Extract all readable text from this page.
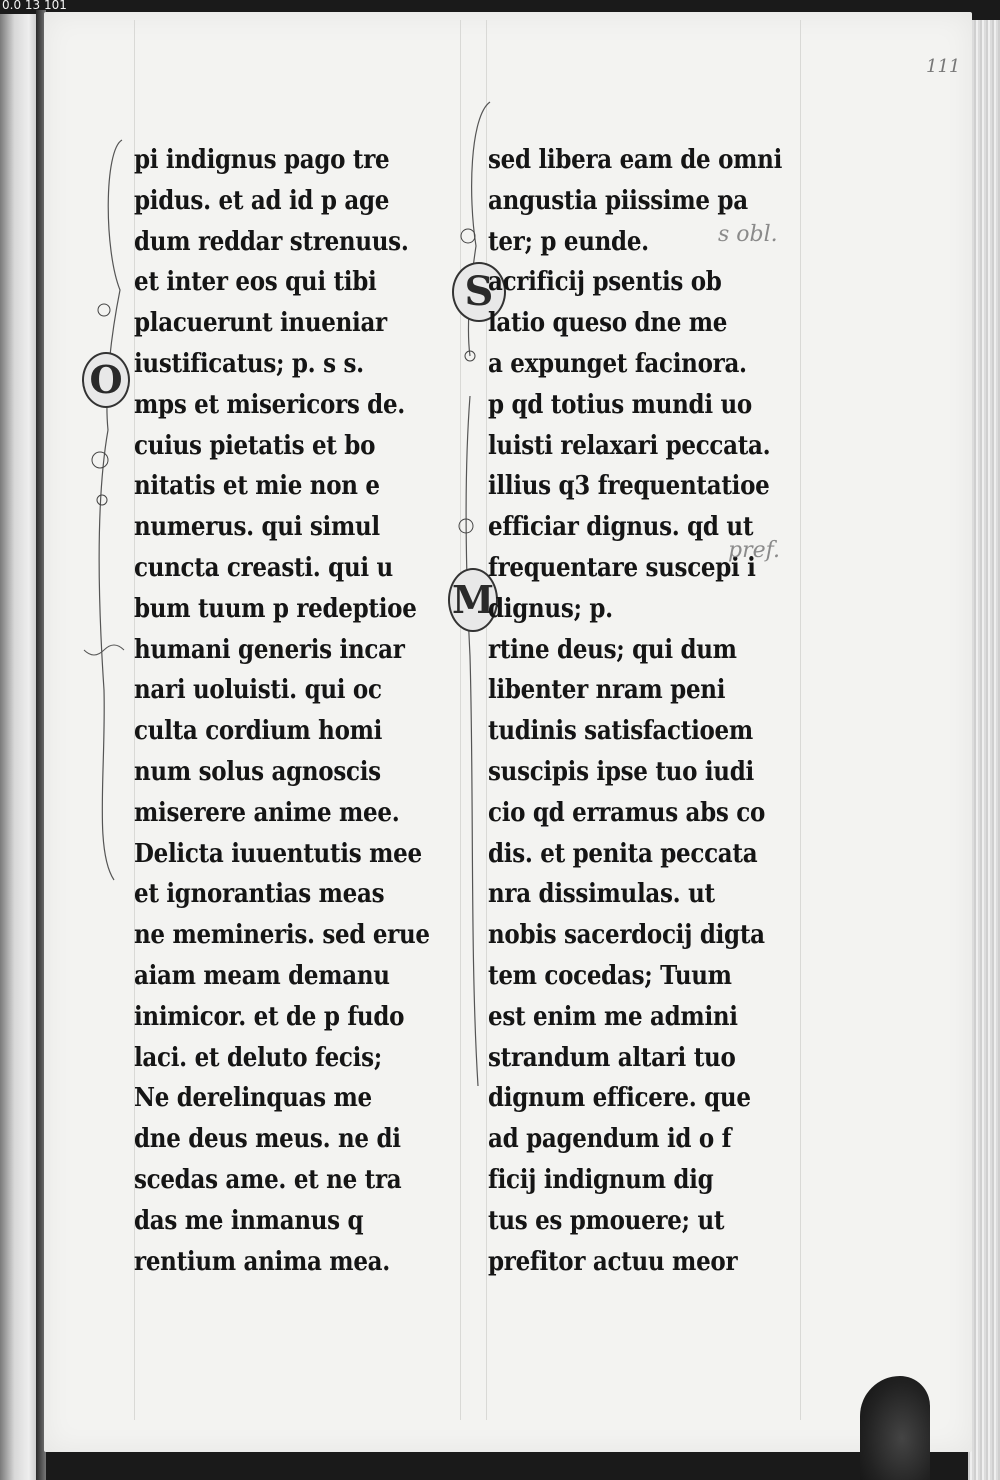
0.0 13 101
111
O
S
M
pi indignus pago tre
pidus. et ad id p age
dum reddar strenuus.
et inter eos qui tibi
placuerunt inueniar
iustificatus; p. s s.
mps et misericors de.
cuius pietatis et bo
nitatis et mie non e
numerus. qui simul
cuncta creasti. qui u
bum tuum p redeptioe
humani generis incar
nari uoluisti. qui oc
culta cordium homi
num solus agnoscis
miserere anime mee.
Delicta iuuentutis mee
et ignorantias meas
ne memineris. sed erue
aiam meam demanu
inimicor. et de p fudo
laci. et deluto fecis;
Ne derelinquas me
dne deus meus. ne di
scedas ame. et ne tra
das me inmanus q
rentium anima mea.
sed libera eam de omni
angustia piissime pa
ter; p eunde.
acrificij psentis ob
latio queso dne me
a expunget facinora.
p qd totius mundi uo
luisti relaxari peccata.
illius q3 frequentatioe
efficiar dignus. qd ut
frequentare suscepi i
dignus; p.
rtine deus; qui dum
libenter nram peni
tudinis satisfactioem
suscipis ipse tuo iudi
cio qd erramus abs co
dis. et penita peccata
nra dissimulas. ut
nobis sacerdocij digta
tem cocedas; Tuum
est enim me admini
strandum altari tuo
dignum efficere. que
ad pagendum id o f
ficij indignum dig
tus es pmouere; ut
prefitor actuu meor
s obl.
pref.
